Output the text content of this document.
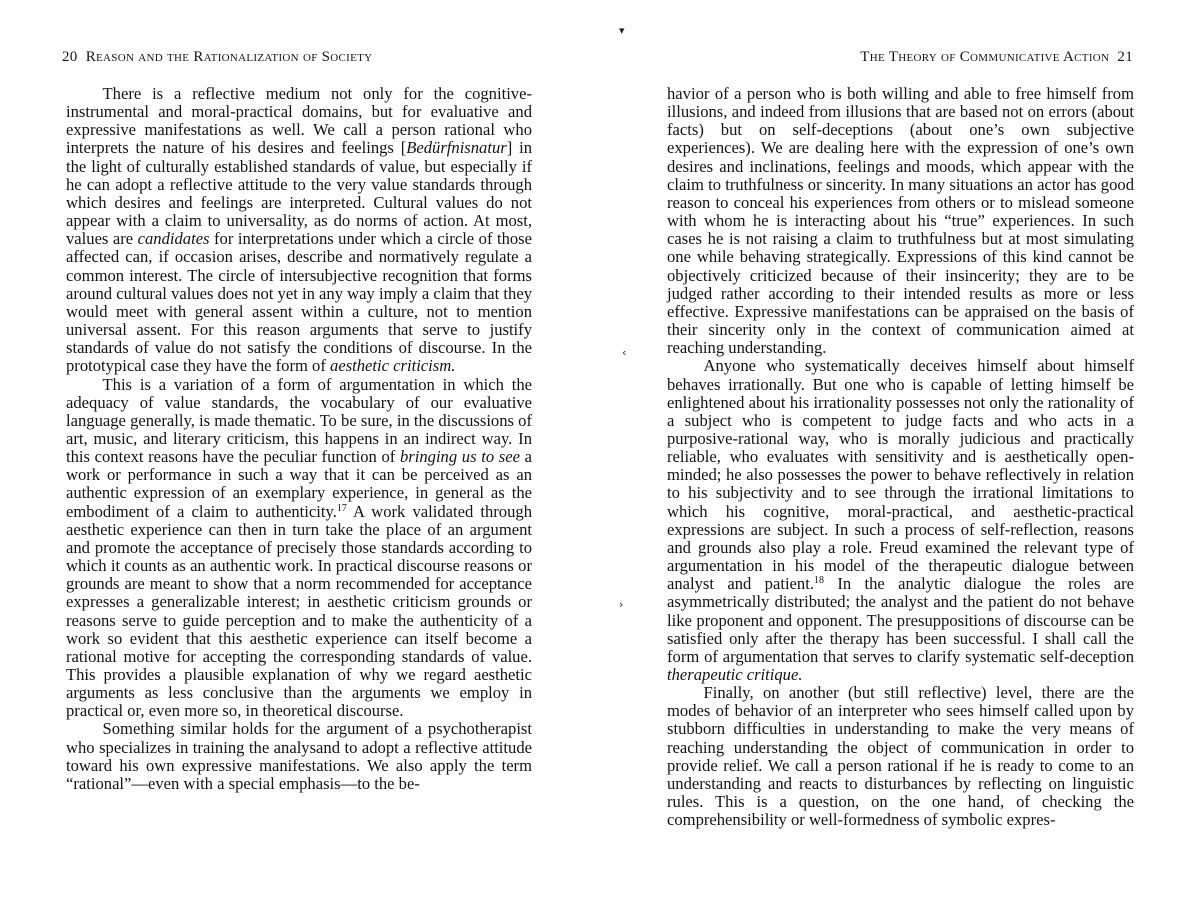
20 Reason and the Rationalization of Society

There is a reflective medium not only for the cognitive-instrumental and moral-practical domains, but for evaluative and expressive manifestations as well. We call a person rational who interprets the nature of his desires and feelings [Bedürfnisnatur] in the light of culturally established standards of value, but especially if he can adopt a reflective attitude to the very value standards through which desires and feelings are interpreted. Cultural values do not appear with a claim to universality, as do norms of action. At most, values are candidates for interpretations under which a circle of those affected can, if occasion arises, describe and normatively regulate a common interest. The circle of intersubjective recognition that forms around cultural values does not yet in any way imply a claim that they would meet with general assent within a culture, not to mention universal assent. For this reason arguments that serve to justify standards of value do not satisfy the conditions of discourse. In the prototypical case they have the form of aesthetic criticism.

This is a variation of a form of argumentation in which the adequacy of value standards, the vocabulary of our evaluative language generally, is made thematic. To be sure, in the discussions of art, music, and literary criticism, this happens in an indirect way. In this context reasons have the peculiar function of bringing us to see a work or performance in such a way that it can be perceived as an authentic expression of an exemplary experience, in general as the embodiment of a claim to authenticity.$^{17}$ A work validated through aesthetic experience can then in turn take the place of an argument and promote the acceptance of precisely those standards according to which it counts as an authentic work. In practical discourse reasons or grounds are meant to show that a norm recommended for acceptance expresses a generalizable interest; in aesthetic criticism grounds or reasons serve to guide perception and to make the authenticity of a work so evident that this aesthetic experience can itself become a rational motive for accepting the corresponding standards of value. This provides a plausible explanation of why we regard aesthetic arguments as less conclusive than the arguments we employ in practical or, even more so, in theoretical discourse.

Something similar holds for the argument of a psychotherapist who specializes in training the analysand to adopt a reflective attitude toward his own expressive manifestations. We also apply the term “rational”—even with a special emphasis—to the be-

The Theory of Communicative Action 21

havior of a person who is both willing and able to free himself from illusions, and indeed from illusions that are based not on errors (about facts) but on self-deceptions (about one’s own subjective experiences). We are dealing here with the expression of one’s own desires and inclinations, feelings and moods, which appear with the claim to truthfulness or sincerity. In many situations an actor has good reason to conceal his experiences from others or to mislead someone with whom he is interacting about his “true” experiences. In such cases he is not raising a claim to truthfulness but at most simulating one while behaving strategically. Expressions of this kind cannot be objectively criticized because of their insincerity; they are to be judged rather according to their intended results as more or less effective. Expressive manifestations can be appraised on the basis of their sincerity only in the context of communication aimed at reaching understanding.

Anyone who systematically deceives himself about himself behaves irrationally. But one who is capable of letting himself be enlightened about his irrationality possesses not only the rationality of a subject who is competent to judge facts and who acts in a purposive-rational way, who is morally judicious and practically reliable, who evaluates with sensitivity and is aesthetically open-minded; he also possesses the power to behave reflectively in relation to his subjectivity and to see through the irrational limitations to which his cognitive, moral-practical, and aesthetic-practical expressions are subject. In such a process of self-reflection, reasons and grounds also play a role. Freud examined the relevant type of argumentation in his model of the therapeutic dialogue between analyst and patient.$^{18}$ In the analytic dialogue the roles are asymmetrically distributed; the analyst and the patient do not behave like proponent and opponent. The presuppositions of discourse can be satisfied only after the therapy has been successful. I shall call the form of argumentation that serves to clarify systematic self-deception therapeutic critique.

Finally, on another (but still reflective) level, there are the modes of behavior of an interpreter who sees himself called upon by stubborn difficulties in understanding to make the very means of reaching understanding the object of communication in order to provide relief. We call a person rational if he is ready to come to an understanding and reacts to disturbances by reflecting on linguistic rules. This is a question, on the one hand, of checking the comprehensibility or well-formedness of symbolic expres-

▾
‹
›
